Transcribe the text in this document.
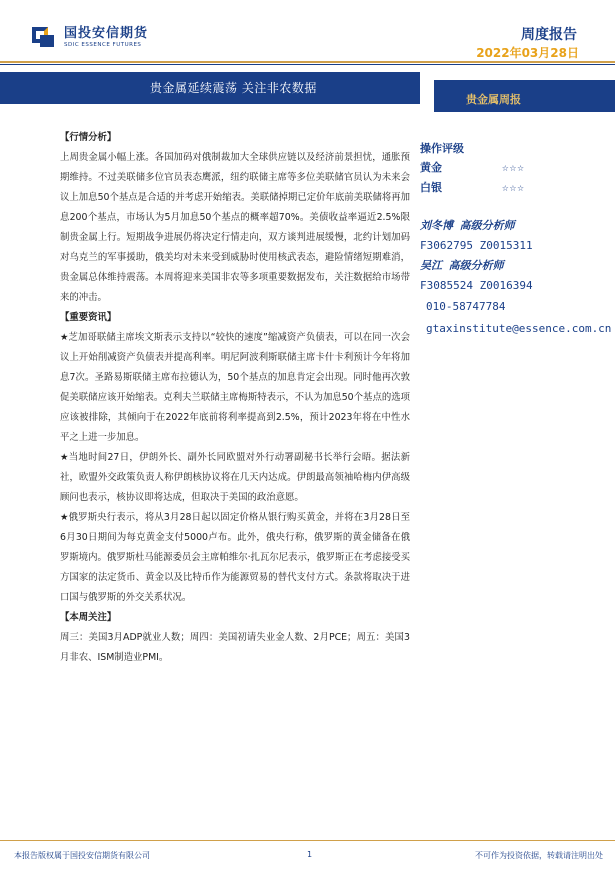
国投安信期货
SDIC ESSENCE FUTURES
周度报告
2022年03月28日
贵金属延续震荡 关注非农数据
贵金属周报

【行情分析】

上周贵金属小幅上涨。各国加码对俄制裁加大全球供应链以及经济前景担忧，通胀预期维持。不过美联储多位官员表态鹰派，纽约联储主席等多位美联储官员认为未来会议上加息50个基点是合适的并考虑开始缩表。美联储掉期已定价年底前美联储将再加息200个基点，市场认为5月加息50个基点的概率超70%。美债收益率逼近2.5%限制贵金属上行。短期战争进展仍将决定行情走向，双方谈判进展缓慢，北约计划加码对乌克兰的军事援助，俄美均对未来受到威胁时使用核武表态，避险情绪短期难消，贵金属总体维持震荡。本周将迎来美国非农等多项重要数据发布，关注数据给市场带来的冲击。

【重要资讯】

★芝加哥联储主席埃文斯表示支持以“较快的速度”缩减资产负债表，可以在同一次会议上开始削减资产负债表并提高利率。明尼阿波利斯联储主席卡什卡利预计今年将加息7次。圣路易斯联储主席布拉德认为，50个基点的加息肯定会出现。同时他再次敦促美联储应该开始缩表。克利夫兰联储主席梅斯特表示，不认为加息50个基点的选项应该被排除，其倾向于在2022年底前将利率提高到2.5%，预计2023年将在中性水平之上进一步加息。

★当地时间27日，伊朗外长、副外长同欧盟对外行动署副秘书长举行会晤。据法新社，欧盟外交政策负责人称伊朗核协议将在几天内达成。伊朗最高领袖哈梅内伊高级顾问也表示，核协议即将达成，但取决于美国的政治意愿。

★俄罗斯央行表示，将从3月28日起以固定价格从银行购买黄金，并将在3月28日至6月30日期间为每克黄金支付5000卢布。此外，俄央行称，俄罗斯的黄金储备在俄罗斯境内。俄罗斯杜马能源委员会主席帕维尔·扎瓦尔尼表示，俄罗斯正在考虑接受买方国家的法定货币、黄金以及比特币作为能源贸易的替代支付方式。条款将取决于进口国与俄罗斯的外交关系状况。

【本周关注】

周三：美国3月ADP就业人数；周四：美国初请失业金人数、2月PCE；周五：美国3月非农、ISM制造业PMI。

操作评级
黄金	☆☆☆
白银	☆☆☆
刘冬博 高级分析师
F3062795 Z0015311
吴江 高级分析师
F3085524 Z0016394
010-58747784
gtaxinstitute@essence.com.cn
本报告版权属于国投安信期货有限公司	1	不可作为投资依据，转载请注明出处
